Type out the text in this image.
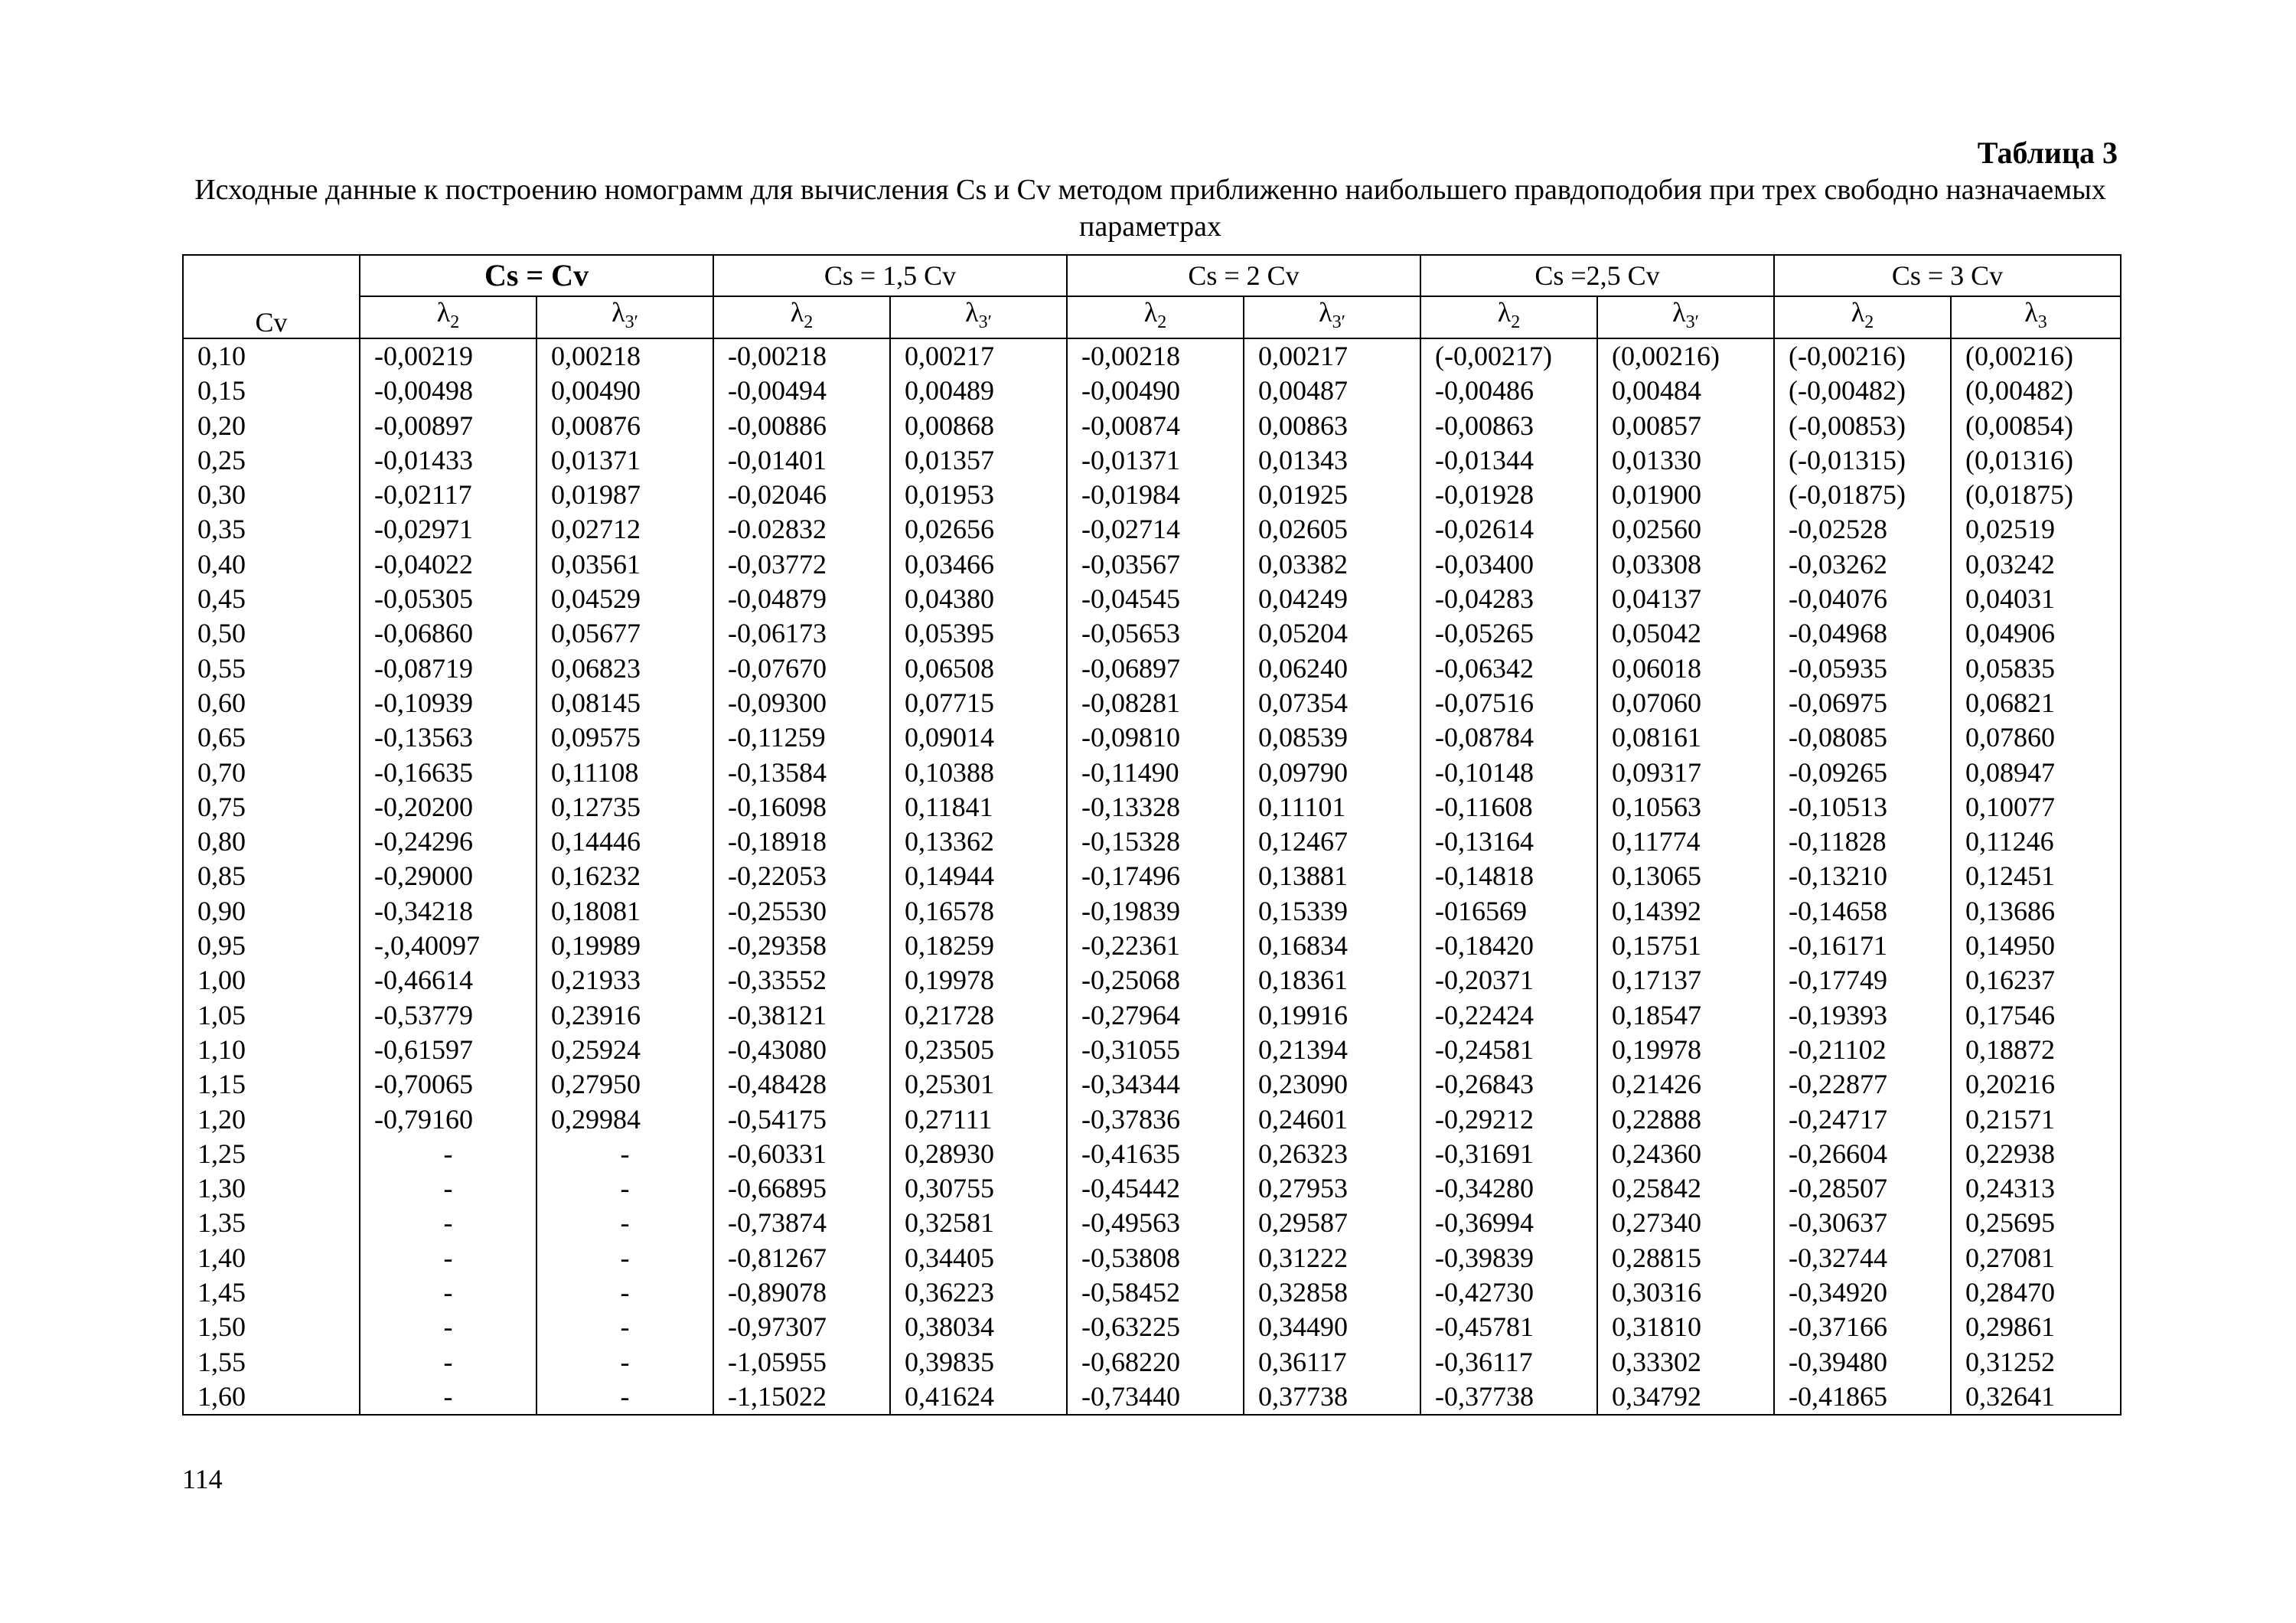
Таблица 3
Исходные данные к построению номограмм для вычисления Cs и Cv методом приближенно наибольшего правдоподобия при трех свободно назначаемых параметрах
Cv	Cs = Cv		Cs = 1,5 Cv		Cs = 2 Cv		Cs =2,5 Cv		Cs = 3 Cv	
	$\lambda_2$	$\lambda_{3'}$	$\lambda_2$	$\lambda_{3'}$	$\lambda_2$	$\lambda_{3'}$	$\lambda_2$	$\lambda_{3'}$	$\lambda_2$	$\lambda_3$
0,10	-0,00219	0,00218	-0,00218	0,00217	-0,00218	0,00217	(-0,00217)	(0,00216)	(-0,00216)	(0,00216)
0,15	-0,00498	0,00490	-0,00494	0,00489	-0,00490	0,00487	-0,00486	0,00484	(-0,00482)	(0,00482)
0,20	-0,00897	0,00876	-0,00886	0,00868	-0,00874	0,00863	-0,00863	0,00857	(-0,00853)	(0,00854)
0,25	-0,01433	0,01371	-0,01401	0,01357	-0,01371	0,01343	-0,01344	0,01330	(-0,01315)	(0,01316)
0,30	-0,02117	0,01987	-0,02046	0,01953	-0,01984	0,01925	-0,01928	0,01900	(-0,01875)	(0,01875)
0,35	-0,02971	0,02712	-0.02832	0,02656	-0,02714	0,02605	-0,02614	0,02560	-0,02528	0,02519
0,40	-0,04022	0,03561	-0,03772	0,03466	-0,03567	0,03382	-0,03400	0,03308	-0,03262	0,03242
0,45	-0,05305	0,04529	-0,04879	0,04380	-0,04545	0,04249	-0,04283	0,04137	-0,04076	0,04031
0,50	-0,06860	0,05677	-0,06173	0,05395	-0,05653	0,05204	-0,05265	0,05042	-0,04968	0,04906
0,55	-0,08719	0,06823	-0,07670	0,06508	-0,06897	0,06240	-0,06342	0,06018	-0,05935	0,05835
0,60	-0,10939	0,08145	-0,09300	0,07715	-0,08281	0,07354	-0,07516	0,07060	-0,06975	0,06821
0,65	-0,13563	0,09575	-0,11259	0,09014	-0,09810	0,08539	-0,08784	0,08161	-0,08085	0,07860
0,70	-0,16635	0,11108	-0,13584	0,10388	-0,11490	0,09790	-0,10148	0,09317	-0,09265	0,08947
0,75	-0,20200	0,12735	-0,16098	0,11841	-0,13328	0,11101	-0,11608	0,10563	-0,10513	0,10077
0,80	-0,24296	0,14446	-0,18918	0,13362	-0,15328	0,12467	-0,13164	0,11774	-0,11828	0,11246
0,85	-0,29000	0,16232	-0,22053	0,14944	-0,17496	0,13881	-0,14818	0,13065	-0,13210	0,12451
0,90	-0,34218	0,18081	-0,25530	0,16578	-0,19839	0,15339	-016569	0,14392	-0,14658	0,13686
0,95	-,0,40097	0,19989	-0,29358	0,18259	-0,22361	0,16834	-0,18420	0,15751	-0,16171	0,14950
1,00	-0,46614	0,21933	-0,33552	0,19978	-0,25068	0,18361	-0,20371	0,17137	-0,17749	0,16237
1,05	-0,53779	0,23916	-0,38121	0,21728	-0,27964	0,19916	-0,22424	0,18547	-0,19393	0,17546
1,10	-0,61597	0,25924	-0,43080	0,23505	-0,31055	0,21394	-0,24581	0,19978	-0,21102	0,18872
1,15	-0,70065	0,27950	-0,48428	0,25301	-0,34344	0,23090	-0,26843	0,21426	-0,22877	0,20216
1,20	-0,79160	0,29984	-0,54175	0,27111	-0,37836	0,24601	-0,29212	0,22888	-0,24717	0,21571
1,25	-	-	-0,60331	0,28930	-0,41635	0,26323	-0,31691	0,24360	-0,26604	0,22938
1,30	-	-	-0,66895	0,30755	-0,45442	0,27953	-0,34280	0,25842	-0,28507	0,24313
1,35	-	-	-0,73874	0,32581	-0,49563	0,29587	-0,36994	0,27340	-0,30637	0,25695
1,40	-	-	-0,81267	0,34405	-0,53808	0,31222	-0,39839	0,28815	-0,32744	0,27081
1,45	-	-	-0,89078	0,36223	-0,58452	0,32858	-0,42730	0,30316	-0,34920	0,28470
1,50	-	-	-0,97307	0,38034	-0,63225	0,34490	-0,45781	0,31810	-0,37166	0,29861
1,55	-	-	-1,05955	0,39835	-0,68220	0,36117	-0,36117	0,33302	-0,39480	0,31252
1,60	-	-	-1,15022	0,41624	-0,73440	0,37738	-0,37738	0,34792	-0,41865	0,32641
114
